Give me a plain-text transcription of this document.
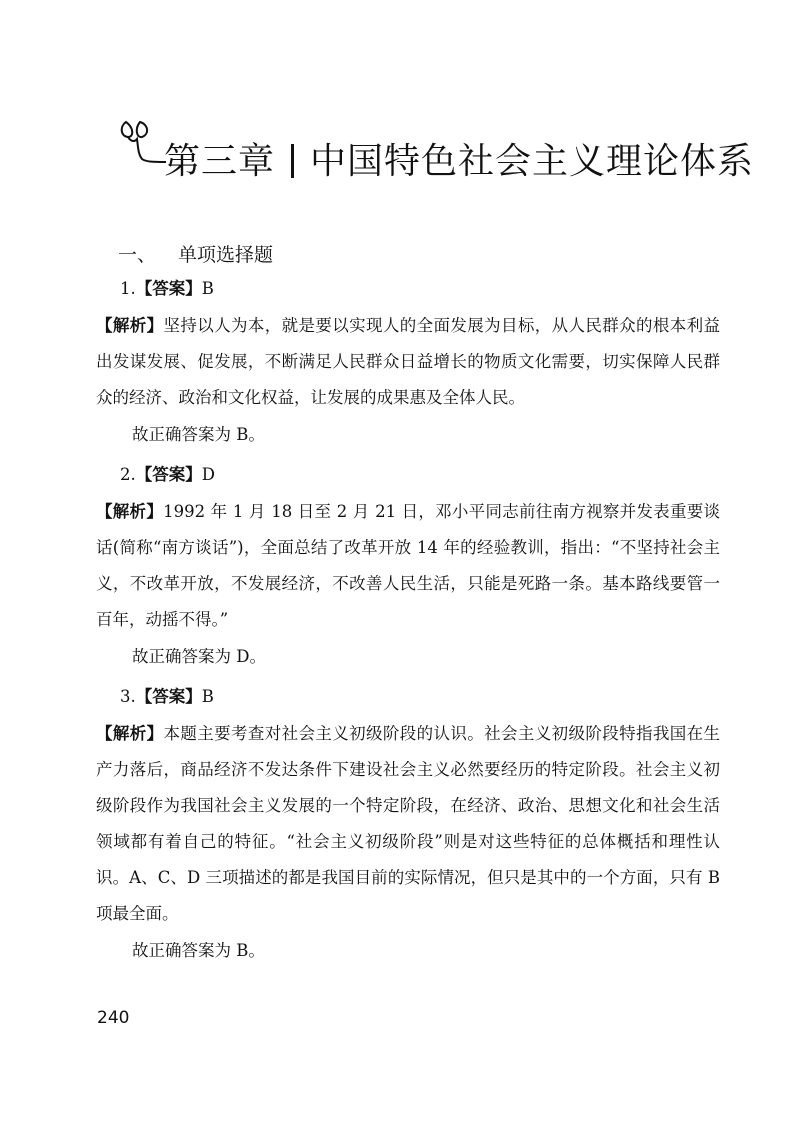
第三章 中国特色社会主义理论体系
一、 单项选择题

1.【答案】B

【解析】坚持以人为本，就是要以实现人的全面发展为目标，从人民群众的根本利益出发谋发展、促发展，不断满足人民群众日益增长的物质文化需要，切实保障人民群众的经济、政治和文化权益，让发展的成果惠及全体人民。

故正确答案为 B。

2.【答案】D

【解析】1992 年 1 月 18 日至 2 月 21 日，邓小平同志前往南方视察并发表重要谈话(简称“南方谈话”)，全面总结了改革开放 14 年的经验教训，指出：“不坚持社会主义，不改革开放，不发展经济，不改善人民生活，只能是死路一条。基本路线要管一百年，动摇不得。”

故正确答案为 D。

3.【答案】B

【解析】本题主要考查对社会主义初级阶段的认识。社会主义初级阶段特指我国在生产力落后，商品经济不发达条件下建设社会主义必然要经历的特定阶段。社会主义初级阶段作为我国社会主义发展的一个特定阶段，在经济、政治、思想文化和社会生活领域都有着自己的特征。“社会主义初级阶段”则是对这些特征的总体概括和理性认识。A、C、D 三项描述的都是我国目前的实际情况，但只是其中的一个方面，只有 B 项最全面。

故正确答案为 B。

240
